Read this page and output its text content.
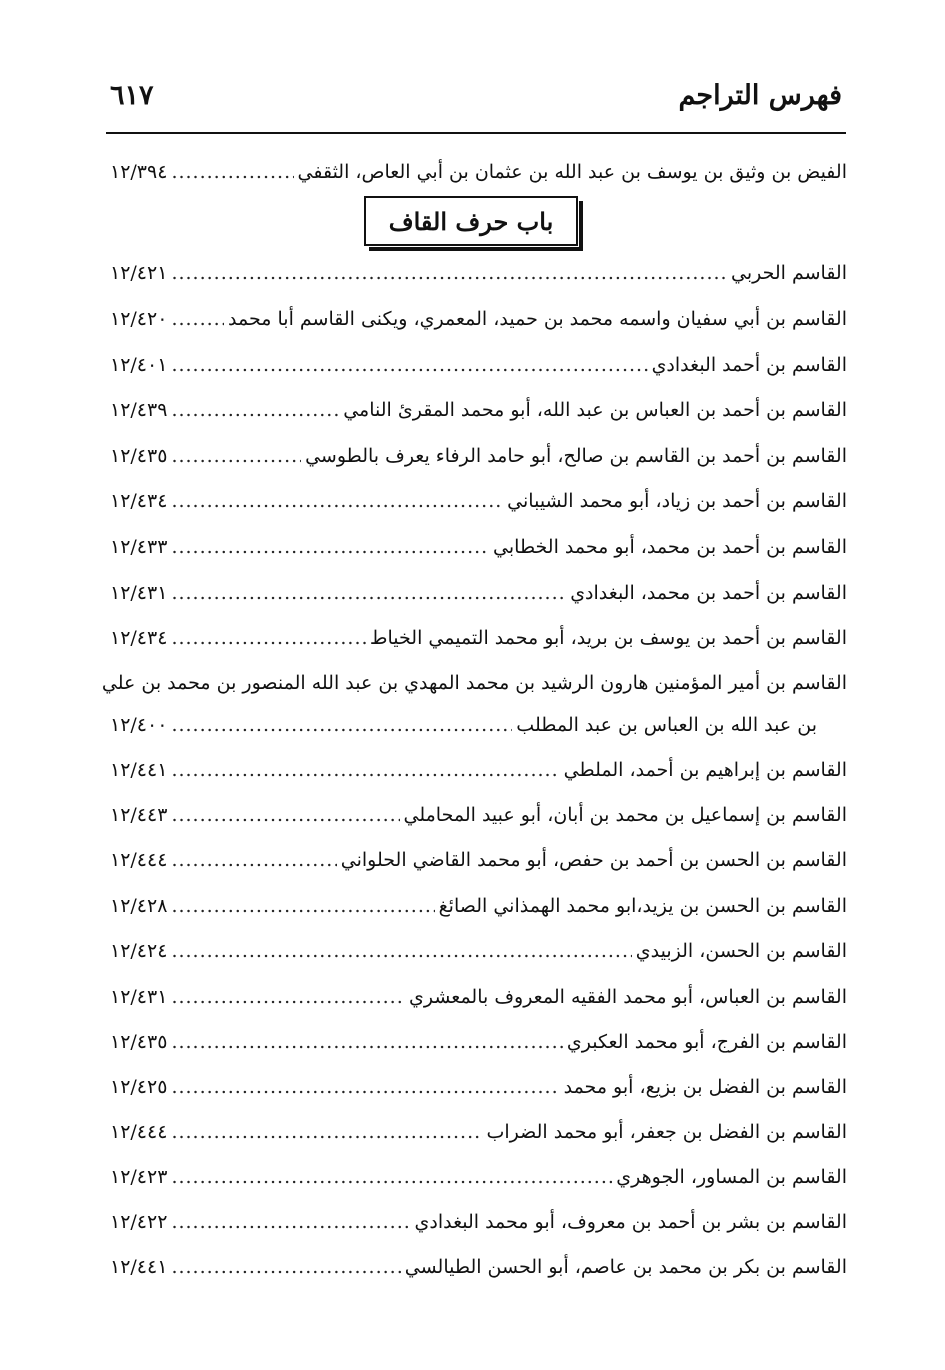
فهرس التراجم
٦١٧
الفيض بن وثيق بن يوسف بن عبد الله بن عثمان بن أبي العاص، الثقفي
.....
١٢/٣٩٤
باب حرف القاف
القاسم الحربي
.....
١٢/٤٢١
القاسم بن أبي سفيان واسمه محمد بن حميد، المعمري، ويكنى القاسم أبا محمد
.....
١٢/٤٢٠
القاسم بن أحمد البغدادي
.....
١٢/٤٠١
القاسم بن أحمد بن العباس بن عبد الله، أبو محمد المقرئ النامي
.....
١٢/٤٣٩
القاسم بن أحمد بن القاسم بن صالح، أبو حامد الرفاء يعرف بالطوسي
.....
١٢/٤٣٥
القاسم بن أحمد بن زياد، أبو محمد الشيباني
.....
١٢/٤٣٤
القاسم بن أحمد بن محمد، أبو محمد الخطابي
.....
١٢/٤٣٣
القاسم بن أحمد بن محمد، البغدادي
.....
١٢/٤٣١
القاسم بن أحمد بن يوسف بن بريد، أبو محمد التميمي الخياط
.....
١٢/٤٣٤
القاسم بن أمير المؤمنين هارون الرشيد بن محمد المهدي بن عبد الله المنصور بن محمد بن علي
بن عبد الله بن العباس بن عبد المطلب
.....
١٢/٤٠٠
القاسم بن إبراهيم بن أحمد، الملطي
.....
١٢/٤٤١
القاسم بن إسماعيل بن محمد بن أبان، أبو عبيد المحاملي
.....
١٢/٤٤٣
القاسم بن الحسن بن أحمد بن حفص، أبو محمد القاضي الحلواني
.....
١٢/٤٤٤
القاسم بن الحسن بن يزيد،ابو محمد الهمذاني الصائغ
.....
١٢/٤٢٨
القاسم بن الحسن، الزبيدي
.....
١٢/٤٢٤
القاسم بن العباس، أبو محمد الفقيه المعروف بالمعشري
.....
١٢/٤٣١
القاسم بن الفرج، أبو محمد العكبري
.....
١٢/٤٣٥
القاسم بن الفضل بن بزيع، أبو محمد
.....
١٢/٤٢٥
القاسم بن الفضل بن جعفر، أبو محمد الضراب
.....
١٢/٤٤٤
القاسم بن المساور، الجوهري
.....
١٢/٤٢٣
القاسم بن بشر بن أحمد بن معروف، أبو محمد البغدادي
.....
١٢/٤٢٢
القاسم بن بكر بن محمد بن عاصم، أبو الحسن الطيالسي
.....
١٢/٤٤١
